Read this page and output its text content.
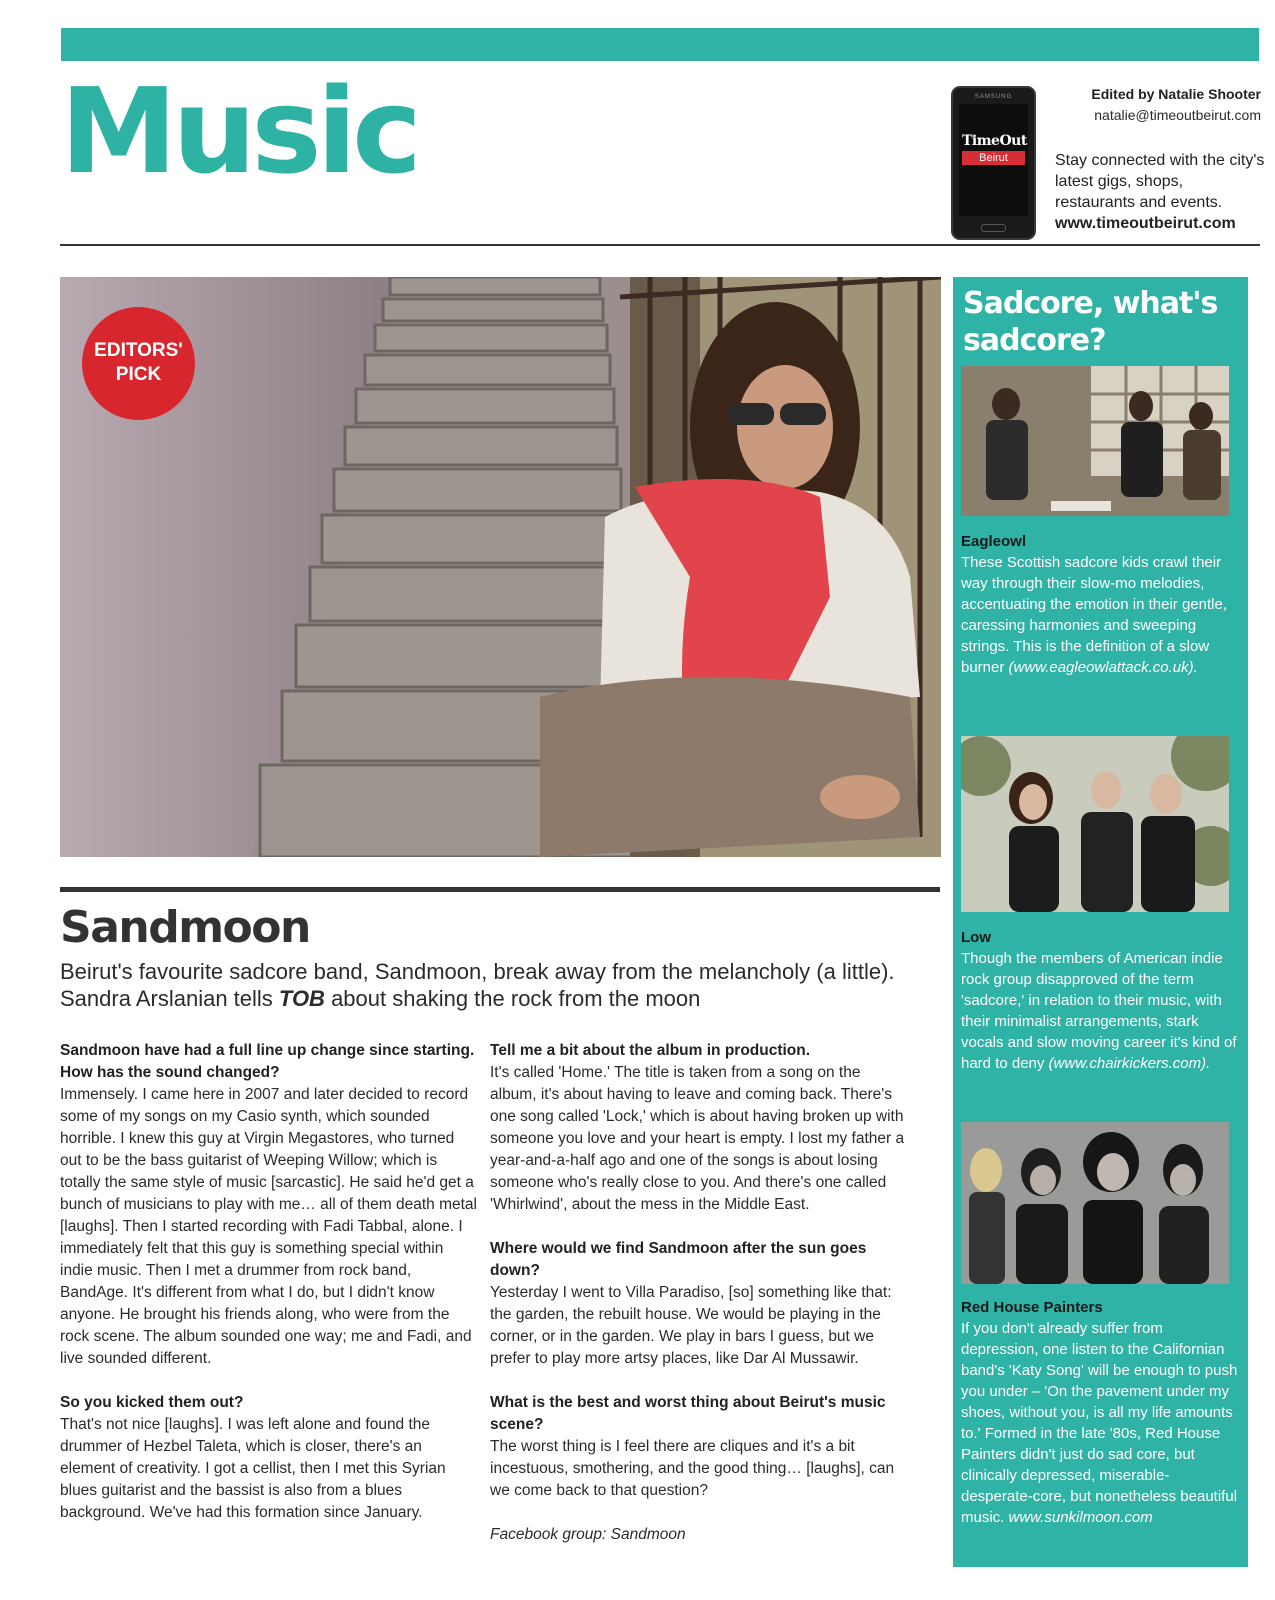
Music	SAMSUNG
TimeOut
Beirut
Edited by Natalie Shooter
natalie@timeoutbeirut.com
Stay connected with the city's latest gigs, shops, restaurants and events.
www.timeoutbeirut.com
EDITORS'
PICK
Sandmoon
Beirut's favourite sadcore band, Sandmoon, break away from the melancholy (a little). Sandra Arslanian tells TOB about shaking the rock from the moon
Sandmoon have had a full line up change since starting. How has the sound changed?
Immensely. I came here in 2007 and later decided to record some of my songs on my Casio synth, which sounded horrible. I knew this guy at Virgin Megastores, who turned out to be the bass guitarist of Weeping Willow; which is totally the same style of music [sarcastic]. He said he'd get a bunch of musicians to play with me… all of them death metal [laughs]. Then I started recording with Fadi Tabbal, alone. I immediately felt that this guy is something special within indie music. Then I met a drummer from rock band, BandAge. It's different from what I do, but I didn't know anyone. He brought his friends along, who were from the rock scene. The album sounded one way; me and Fadi, and live sounded different.
So you kicked them out?
That's not nice [laughs]. I was left alone and found the drummer of Hezbel Taleta, which is closer, there's an element of creativity. I got a cellist, then I met this Syrian blues guitarist and the bassist is also from a blues background. We've had this formation since January.
Tell me a bit about the album in production.
It's called 'Home.' The title is taken from a song on the album, it's about having to leave and coming back. There's one song called 'Lock,' which is about having broken up with someone you love and your heart is empty. I lost my father a year-and-a-half ago and one of the songs is about losing someone who's really close to you. And there's one called 'Whirlwind', about the mess in the Middle East.
Where would we find Sandmoon after the sun goes down?
Yesterday I went to Villa Paradiso, [so] something like that: the garden, the rebuilt house. We would be playing in the corner, or in the garden. We play in bars I guess, but we prefer to play more artsy places, like Dar Al Mussawir.
What is the best and worst thing about Beirut's music scene?
The worst thing is I feel there are cliques and it's a bit incestuous, smothering, and the good thing… [laughs], can we come back to that question?
Facebook group: Sandmoon
Sadcore, what's sadcore?
Eagleowl
These Scottish sadcore kids crawl their way through their slow-mo melodies, accentuating the emotion in their gentle, caressing harmonies and sweeping strings. This is the definition of a slow burner (www.eagleowlattack.co.uk).
Low
Though the members of American indie rock group disapproved of the term 'sadcore,' in relation to their music, with their minimalist arrangements, stark vocals and slow moving career it's kind of hard to deny (www.chairkickers.com).
Red House Painters
If you don't already suffer from depression, one listen to the Californian band's 'Katy Song' will be enough to push you under – 'On the pavement under my shoes, without you, is all my life amounts to.' Formed in the late '80s, Red House Painters didn't just do sad core, but clinically depressed, miserable-desperate-core, but nonetheless beautiful music. www.sunkilmoon.com
